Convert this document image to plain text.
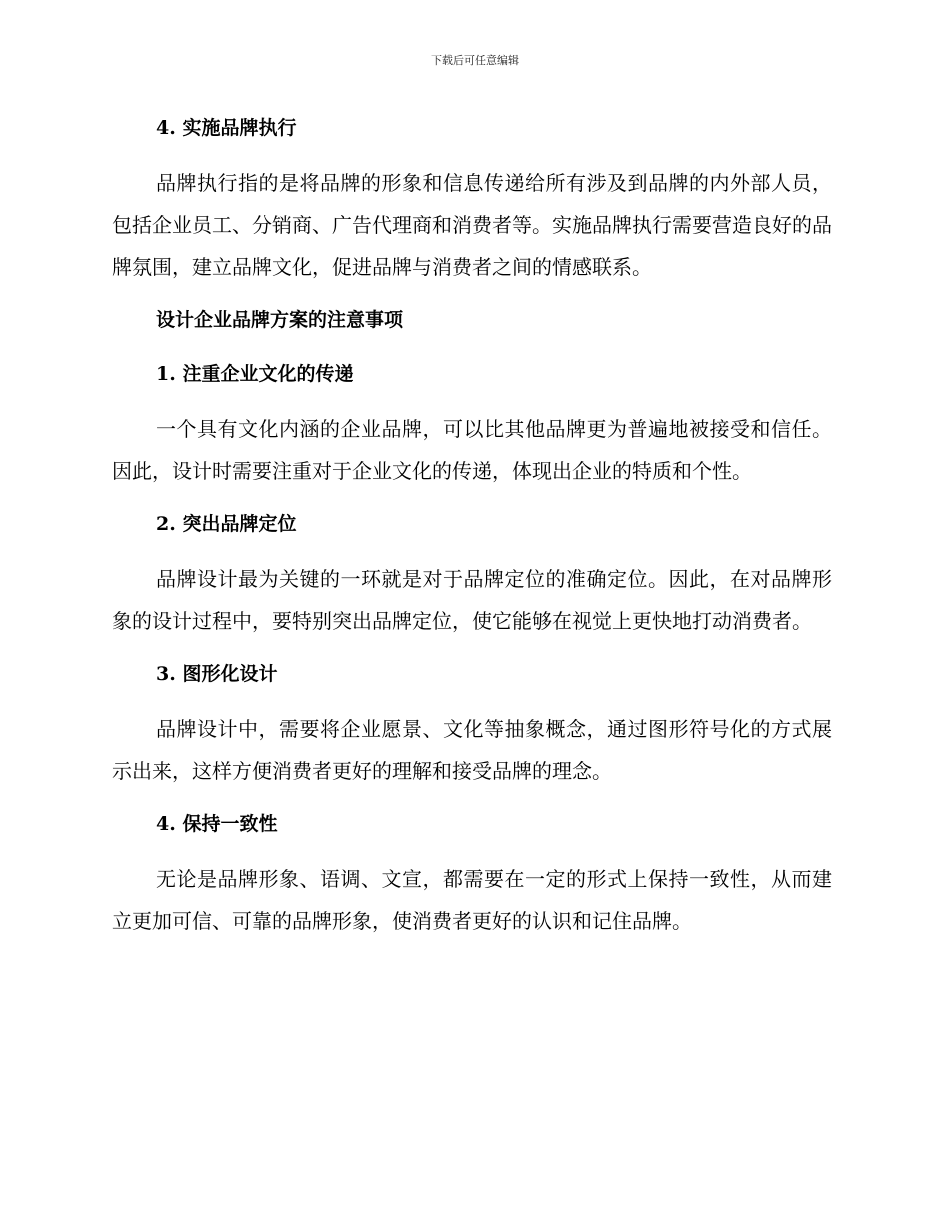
下载后可任意编辑
4. 实施品牌执行

品牌执行指的是将品牌的形象和信息传递给所有涉及到品牌的内外部人员，包括企业员工、分销商、广告代理商和消费者等。实施品牌执行需要营造良好的品牌氛围，建立品牌文化，促进品牌与消费者之间的情感联系。

设计企业品牌方案的注意事项
1. 注重企业文化的传递

一个具有文化内涵的企业品牌，可以比其他品牌更为普遍地被接受和信任。因此，设计时需要注重对于企业文化的传递，体现出企业的特质和个性。

2. 突出品牌定位

品牌设计最为关键的一环就是对于品牌定位的准确定位。因此，在对品牌形象的设计过程中，要特别突出品牌定位，使它能够在视觉上更快地打动消费者。

3. 图形化设计

品牌设计中，需要将企业愿景、文化等抽象概念，通过图形符号化的方式展示出来，这样方便消费者更好的理解和接受品牌的理念。

4. 保持一致性

无论是品牌形象、语调、文宣，都需要在一定的形式上保持一致性，从而建立更加可信、可靠的品牌形象，使消费者更好的认识和记住品牌。
